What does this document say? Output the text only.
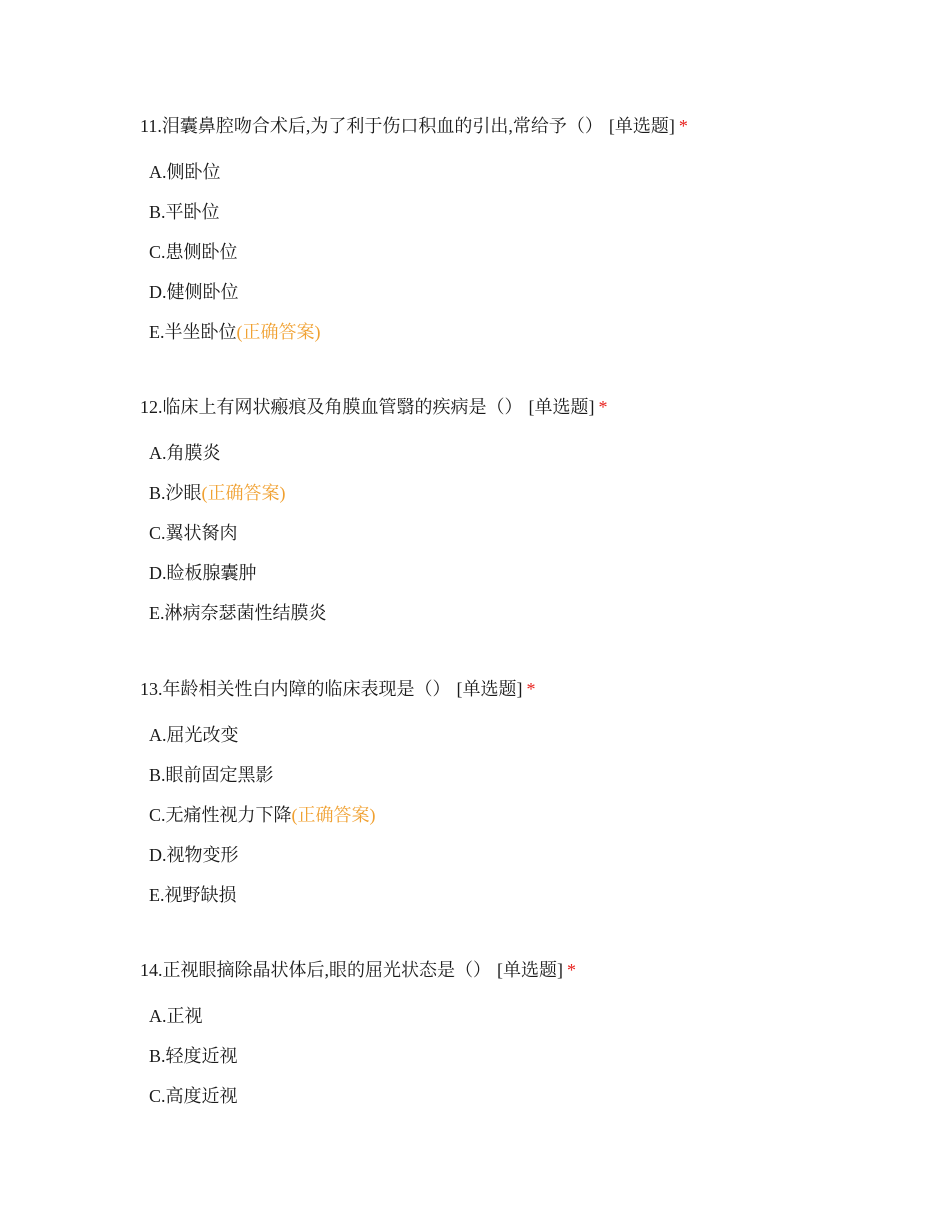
11.泪囊鼻腔吻合术后,为了利于伤口积血的引出,常给予（） [单选题] *
A.侧卧位
B.平卧位
C.患侧卧位
D.健侧卧位
E.半坐卧位(正确答案)
12.临床上有网状瘢痕及角膜血管翳的疾病是（） [单选题] *
A.角膜炎
B.沙眼(正确答案)
C.翼状胬肉
D.睑板腺囊肿
E.淋病奈瑟菌性结膜炎
13.年龄相关性白内障的临床表现是（） [单选题] *
A.屈光改变
B.眼前固定黑影
C.无痛性视力下降(正确答案)
D.视物变形
E.视野缺损
14.正视眼摘除晶状体后,眼的屈光状态是（） [单选题] *
A.正视
B.轻度近视
C.高度近视
